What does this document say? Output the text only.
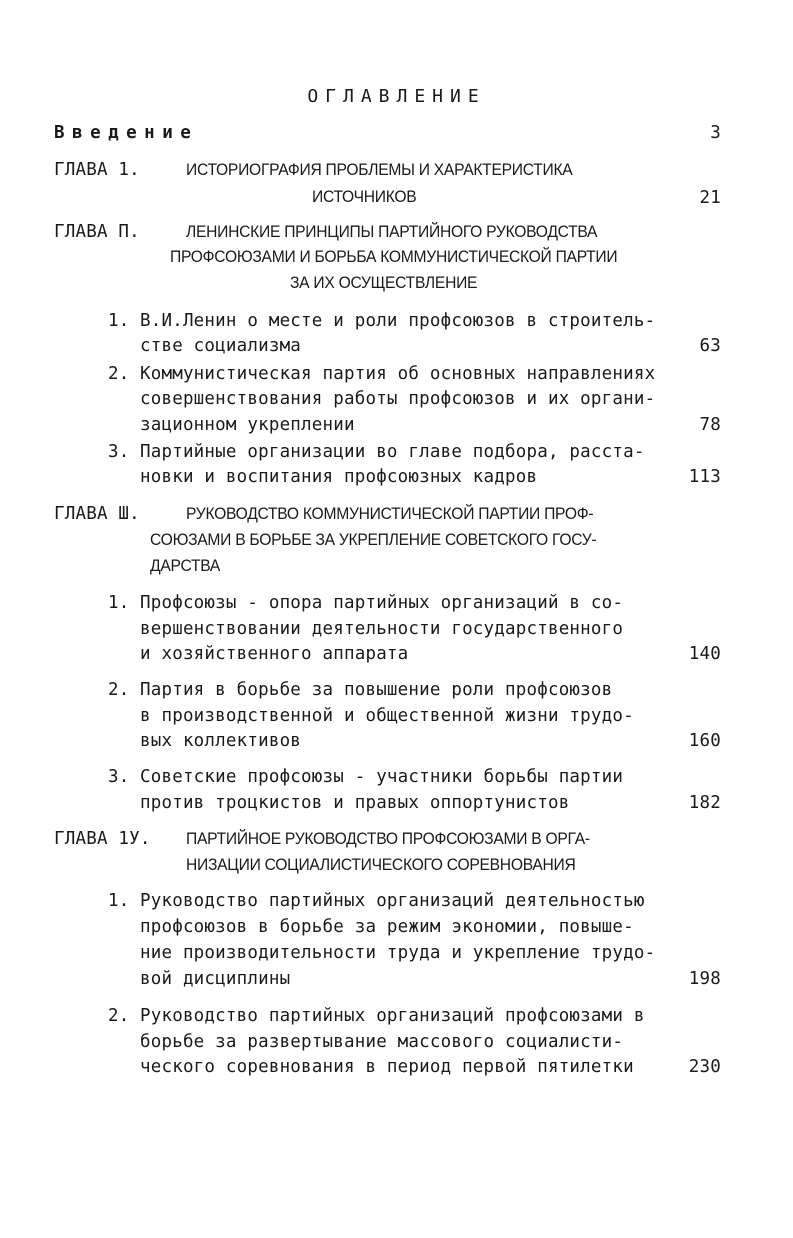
ОГЛАВЛЕНИЕ
Введение	3
ГЛАВА 1.	ИСТОРИОГРАФИЯ ПРОБЛЕМЫ И ХАРАКТЕРИСТИКА
ИСТОЧНИКОВ	21
ГЛАВА П.	ЛЕНИНСКИЕ ПРИНЦИПЫ ПАРТИЙНОГО РУКОВОДСТВА
ПРОФСОЮЗАМИ И БОРЬБА КОММУНИСТИЧЕСКОЙ ПАРТИИ
ЗА ИХ ОСУЩЕСТВЛЕНИЕ
1. В.И.Ленин о месте и роли профсоюзов в строитель-
стве социализма	63
2. Коммунистическая партия об основных направлениях
совершенствования работы профсоюзов и их органи-
зационном укреплении	78
3. Партийные организации во главе подбора, расста-
новки и воспитания профсоюзных кадров	113
ГЛАВА Ш.	РУКОВОДСТВО КОММУНИСТИЧЕСКОЙ ПАРТИИ ПРОФ-
СОЮЗАМИ В БОРЬБЕ ЗА УКРЕПЛЕНИЕ СОВЕТСКОГО ГОСУ-
ДАРСТВА
1. Профсоюзы - опора партийных организаций в со-
вершенствовании деятельности государственного
и хозяйственного аппарата	140
2. Партия в борьбе за повышение роли профсоюзов
в производственной и общественной жизни трудо-
вых коллективов	160
3. Советские профсоюзы - участники борьбы партии
против троцкистов и правых оппортунистов	182
ГЛАВА 1У. ПАРТИЙНОЕ РУКОВОДСТВО ПРОФСОЮЗАМИ В ОРГА-
НИЗАЦИИ СОЦИАЛИСТИЧЕСКОГО СОРЕВНОВАНИЯ
1. Руководство партийных организаций деятельностью
профсоюзов в борьбе за режим экономии, повыше-
ние производительности труда и укрепление трудо-
вой дисциплины	198
2. Руководство партийных организаций профсоюзами в
борьбе за развертывание массового социалисти-
ческого соревнования в период первой пятилетки	230
